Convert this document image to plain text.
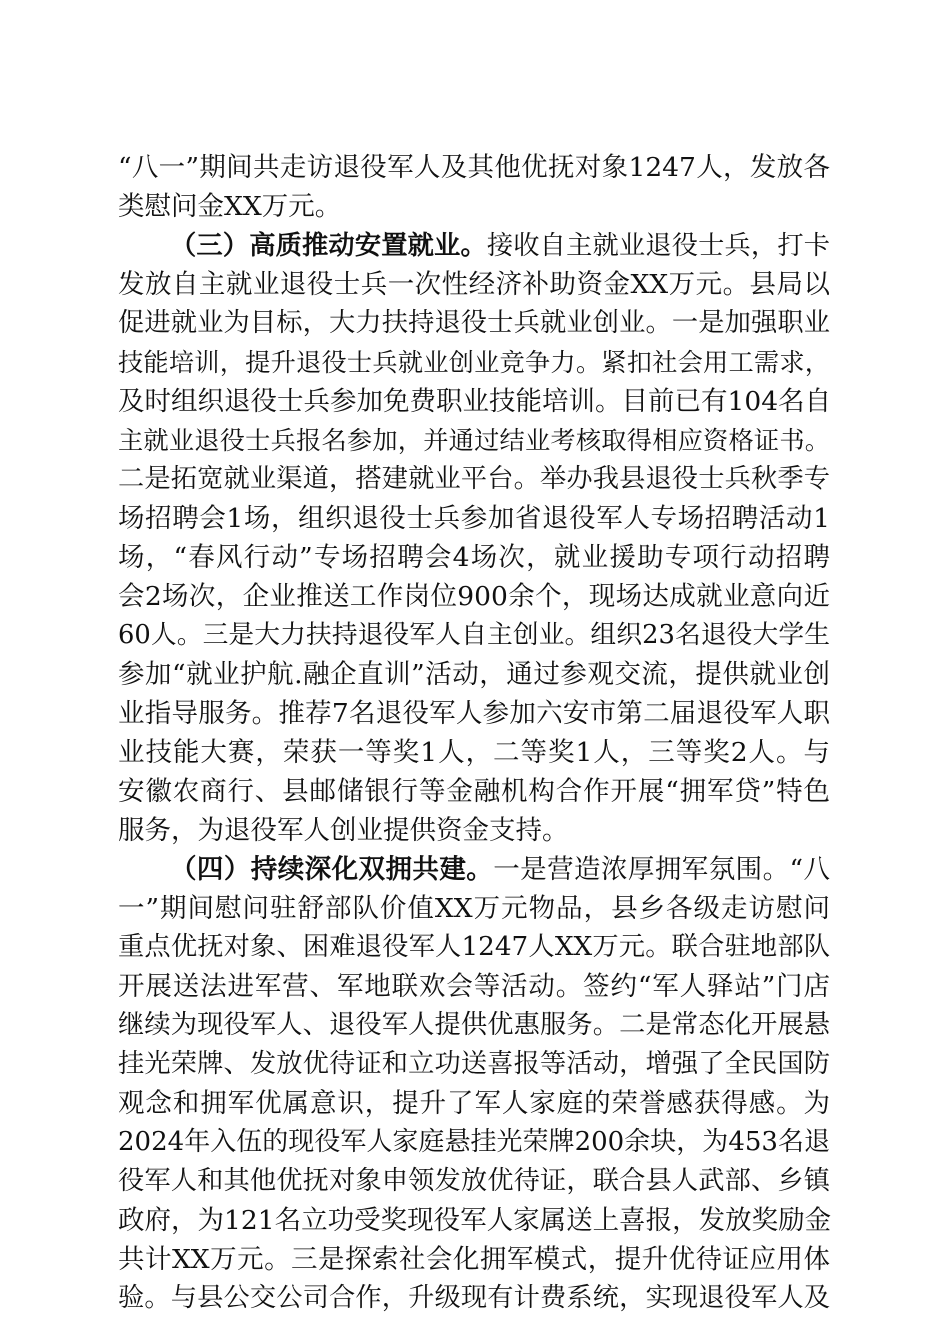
“八一”期间共走访退役军人及其他优抚对象1247人，发放各
类慰问金XX万元。
（三）高质推动安置就业。接收自主就业退役士兵，打卡
发放自主就业退役士兵一次性经济补助资金XX万元。县局以
促进就业为目标，大力扶持退役士兵就业创业。一是加强职业
技能培训，提升退役士兵就业创业竞争力。紧扣社会用工需求，
及时组织退役士兵参加免费职业技能培训。目前已有104名自
主就业退役士兵报名参加，并通过结业考核取得相应资格证书。
二是拓宽就业渠道，搭建就业平台。举办我县退役士兵秋季专
场招聘会1场，组织退役士兵参加省退役军人专场招聘活动1
场，“春风行动”专场招聘会4场次，就业援助专项行动招聘
会2场次，企业推送工作岗位900余个，现场达成就业意向近
60人。三是大力扶持退役军人自主创业。组织23名退役大学生
参加“就业护航.融企直训”活动，通过参观交流，提供就业创
业指导服务。推荐7名退役军人参加六安市第二届退役军人职
业技能大赛，荣获一等奖1人，二等奖1人，三等奖2人。与
安徽农商行、县邮储银行等金融机构合作开展“拥军贷”特色
服务，为退役军人创业提供资金支持。
（四）持续深化双拥共建。一是营造浓厚拥军氛围。“八
一”期间慰问驻舒部队价值XX万元物品，县乡各级走访慰问
重点优抚对象、困难退役军人1247人XX万元。联合驻地部队
开展送法进军营、军地联欢会等活动。签约“军人驿站”门店
继续为现役军人、退役军人提供优惠服务。二是常态化开展悬
挂光荣牌、发放优待证和立功送喜报等活动，增强了全民国防
观念和拥军优属意识，提升了军人家庭的荣誉感获得感。为
2024年入伍的现役军人家庭悬挂光荣牌200余块，为453名退
役军人和其他优抚对象申领发放优待证，联合县人武部、乡镇
政府，为121名立功受奖现役军人家属送上喜报，发放奖励金
共计XX万元。三是探索社会化拥军模式，提升优待证应用体
验。与县公交公司合作，升级现有计费系统，实现退役军人及
